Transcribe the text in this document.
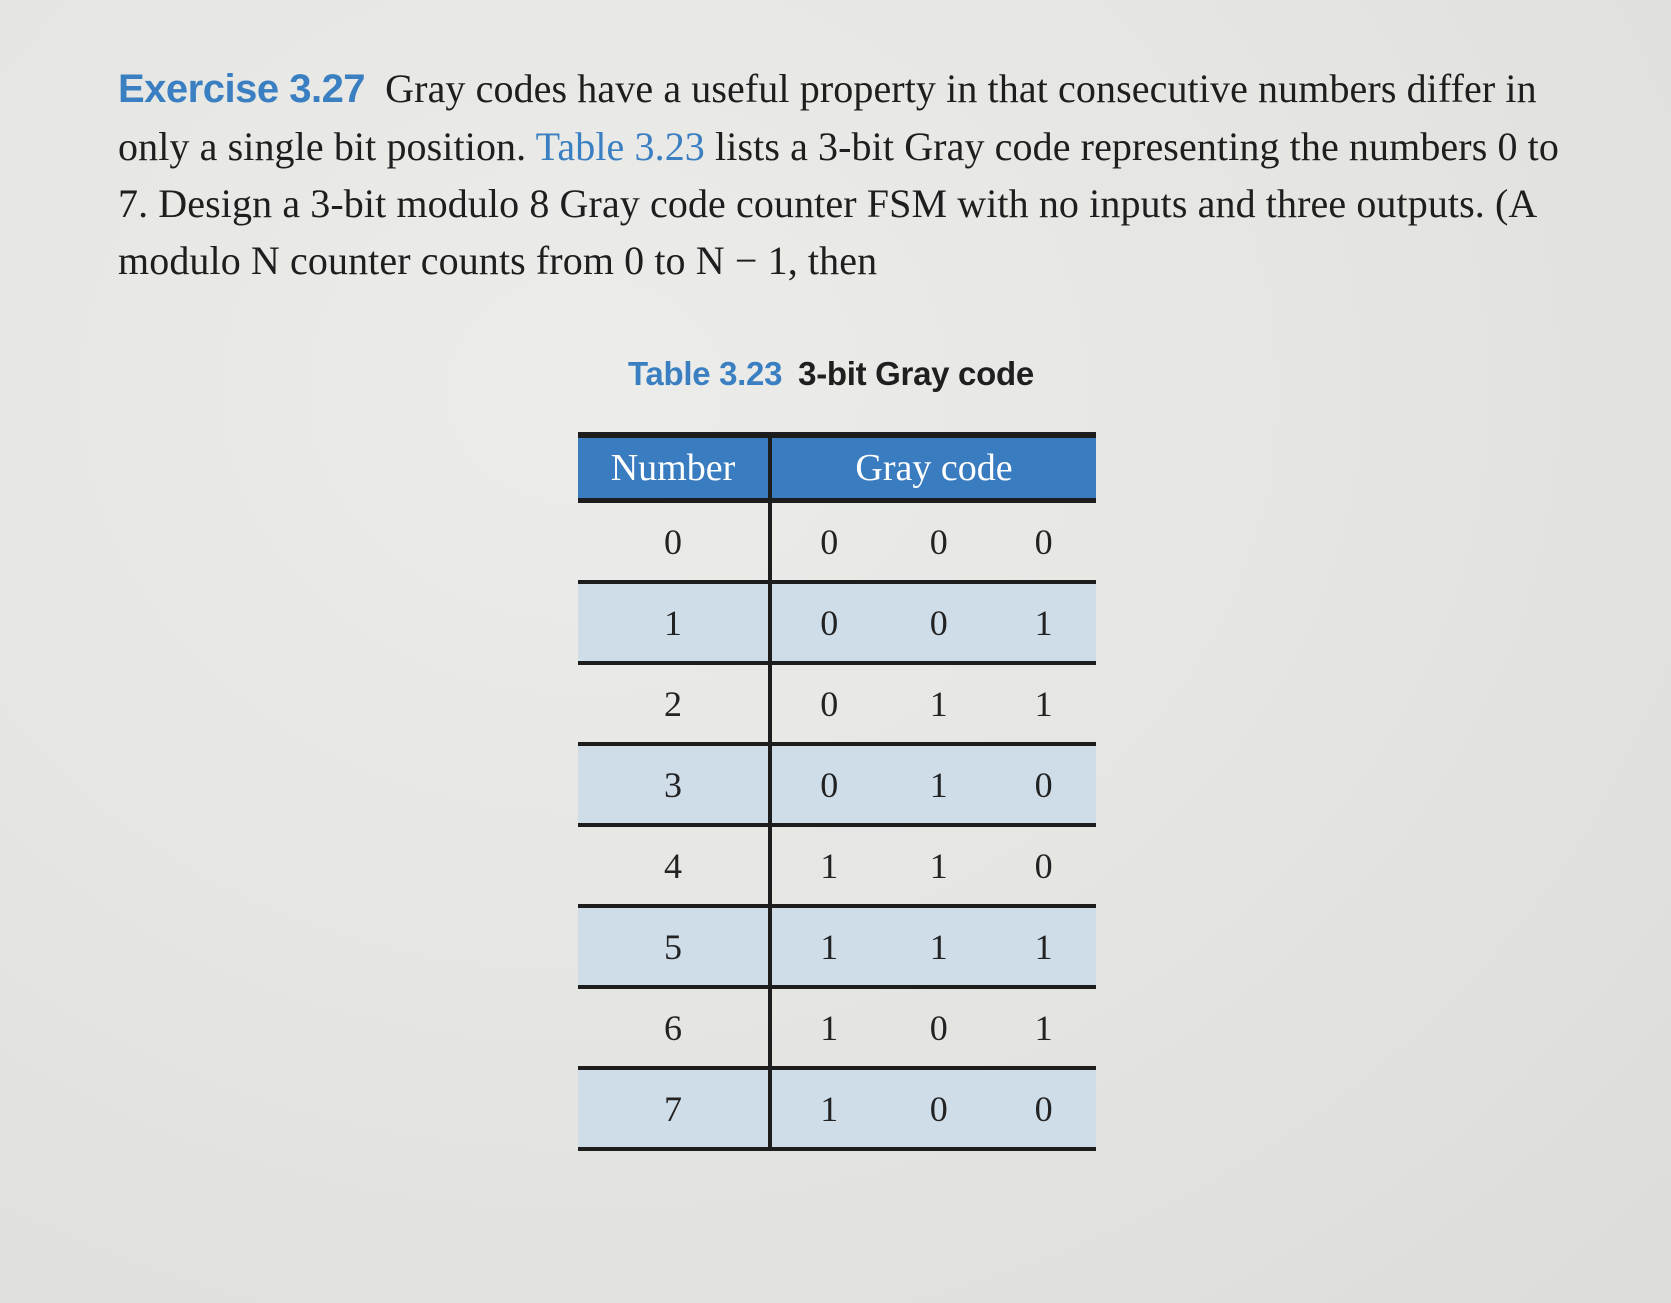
Exercise 3.27 Gray codes have a useful property in that consecutive numbers differ in only a single bit position. Table 3.23 lists a 3-bit Gray code representing the numbers 0 to 7. Design a 3-bit modulo 8 Gray code counter FSM with no inputs and three outputs. (A modulo N counter counts from 0 to N − 1, then

Table 3.23 3-bit Gray code
Number	Gray code		
0	0	0	0
1	0	0	1
2	0	1	1
3	0	1	0
4	1	1	0
5	1	1	1
6	1	0	1
7	1	0	0
